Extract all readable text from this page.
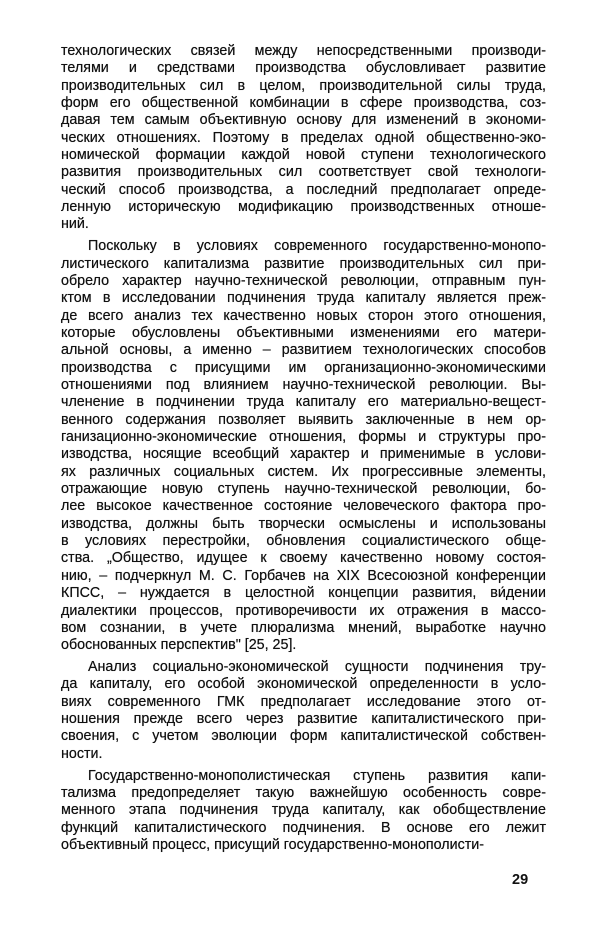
технологических связей между непосредственными производи-
телями и средствами производства обусловливает развитие
производительных сил в целом, производительной силы труда,
форм его общественной комбинации в сфере производства, соз-
давая тем самым объективную основу для изменений в экономи-
ческих отношениях. Поэтому в пределах одной общественно-эко-
номической формации каждой новой ступени технологического
развития производительных сил соответствует свой технологи-
ческий способ производства, а последний предполагает опреде-
ленную историческую модификацию производственных отноше-
ний.
Поскольку в условиях современного государственно-монопо-
листического капитализма развитие производительных сил при-
обрело характер научно-технической революции, отправным пун-
ктом в исследовании подчинения труда капиталу является преж-
де всего анализ тех качественно новых сторон этого отношения,
которые обусловлены объективными изменениями его матери-
альной основы, а именно – развитием технологических способов
производства с присущими им организационно-экономическими
отношениями под влиянием научно-технической революции. Вы-
членение в подчинении труда капиталу его материально-вещест-
венного содержания позволяет выявить заключенные в нем ор-
ганизационно-экономические отношения, формы и структуры про-
изводства, носящие всеобщий характер и применимые в услови-
ях различных социальных систем. Их прогрессивные элементы,
отражающие новую ступень научно-технической революции, бо-
лее высокое качественное состояние человеческого фактора про-
изводства, должны быть творчески осмыслены и использованы
в условиях перестройки, обновления социалистического обще-
ства. „Общество, идущее к своему качественно новому состоя-
нию, – подчеркнул М. С. Горбачев на XIX Всесоюзной конференции
КПСС, – нуждается в целостной концепции развития, ви́дении
диалектики процессов, противоречивости их отражения в массо-
вом сознании, в учете плюрализма мнений, выработке научно
обоснованных перспектив" [25, 25].
Анализ социально-экономической сущности подчинения тру-
да капиталу, его особой экономической определенности в усло-
виях современного ГМК предполагает исследование этого от-
ношения прежде всего через развитие капиталистического при-
своения, с учетом эволюции форм капиталистической собствен-
ности.
Государственно-монополистическая ступень развития капи-
тализма предопределяет такую важнейшую особенность совре-
менного этапа подчинения труда капиталу, как обобществление
функций капиталистического подчинения. В основе его лежит
объективный процесс, присущий государственно-монополисти-
29
